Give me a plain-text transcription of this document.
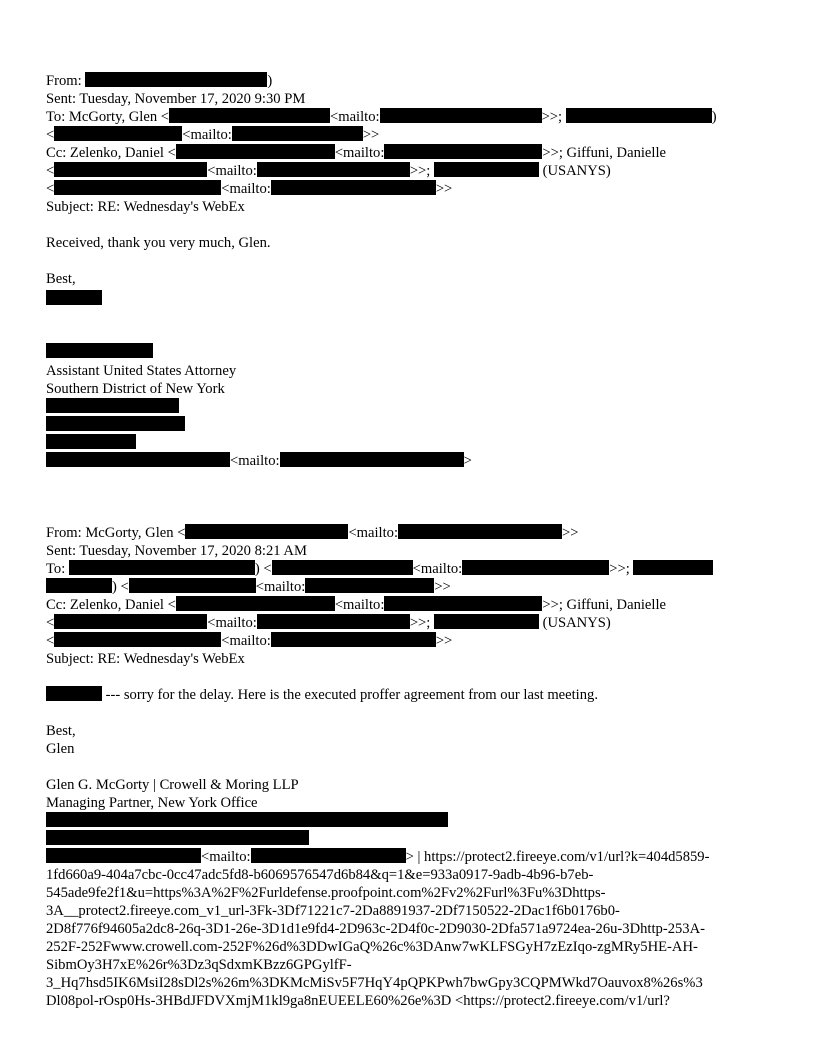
From:	)
Sent: Tuesday, November 17, 2020 9:30 PM
To: McGorty, Glen <	<mailto:	>>;	)
<	<mailto:	>>
Cc: Zelenko, Daniel <	<mailto:	>>; Giffuni, Danielle
<	<mailto:	>>;	(USANYS)
<	<mailto:	>>
Subject: RE: Wednesday's WebEx
Received, thank you very much, Glen.
Best,
Assistant United States Attorney
Southern District of New York
<mailto:	>
From: McGorty, Glen <	<mailto:	>>
Sent: Tuesday, November 17, 2020 8:21 AM
To:	) <	<mailto:	>>;
) <	<mailto:	>>
Cc: Zelenko, Daniel <	<mailto:	>>; Giffuni, Danielle
<	<mailto:	>>;	(USANYS)
<	<mailto:	>>
Subject: RE: Wednesday's WebEx
--- sorry for the delay. Here is the executed proffer agreement from our last meeting.
Best,
Glen
Glen G. McGorty | Crowell & Moring LLP
Managing Partner, New York Office
<mailto:	> | https://protect2.fireeye.com/v1/url?k=404d5859-
1fd660a9-404a7cbc-0cc47adc5fd8-b6069576547d6b84&q=1&e=933a0917-9adb-4b96-b7eb-
545ade9fe2f1&u=https%3A%2F%2Furldefense.proofpoint.com%2Fv2%2Furl%3Fu%3Dhttps-
3A__protect2.fireeye.com_v1_url-3Fk-3Df71221c7-2Da8891937-2Df7150522-2Dac1f6b0176b0-
2D8f776f94605a2dc8-26q-3D1-26e-3D1d1e9fd4-2D963c-2D4f0c-2D9030-2Dfa571a9724ea-26u-3Dhttp-253A-
252F-252Fwww.crowell.com-252F%26d%3DDwIGaQ%26c%3DAnw7wKLFSGyH7zEzIqo-zgMRy5HE-AH-
SibmOy3H7xE%26r%3Dz3qSdxmKBzz6GPGylfF-
3_Hq7hsd5IK6MsiI28sDl2s%26m%3DKMcMiSv5F7HqY4pQPKPwh7bwGpy3CQPMWkd7Oauvox8%26s%3
Dl08pol-rOsp0Hs-3HBdJFDVXmjM1kl9ga8nEUEELE60%26e%3D <https://protect2.fireeye.com/v1/url?
